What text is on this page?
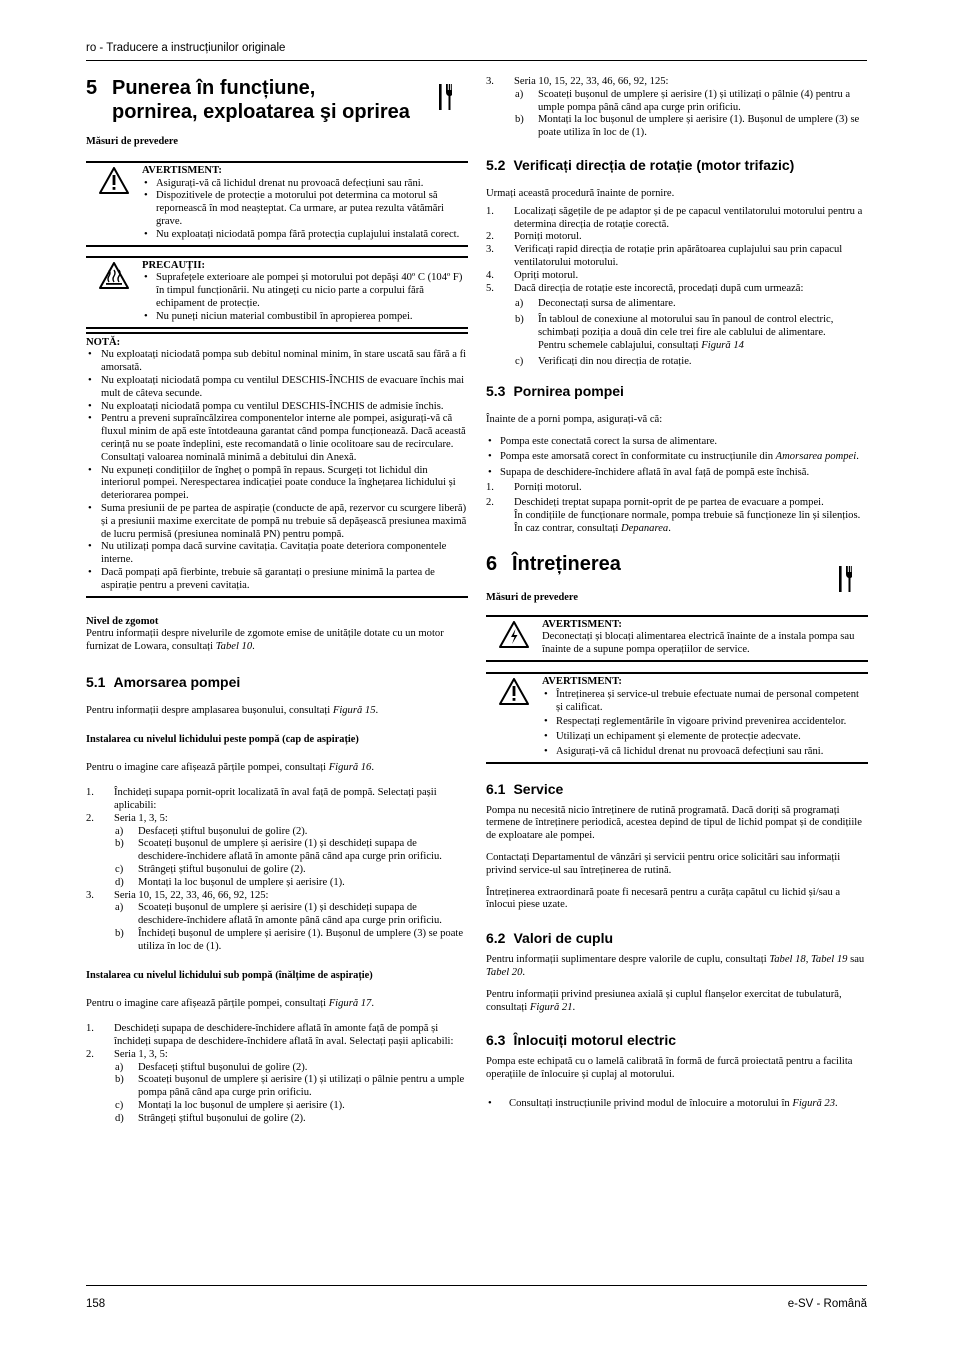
ro - Traducere a instrucțiunilor originale
158	e-SV - Română
5 Punerea în funcțiune,
pornirea, exploatarea şi oprirea
Măsuri de prevedere
AVERTISMENT:
• Asigurați-vă că lichidul drenat nu provoacă defecțiuni sau răni.
• Dispozitivele de protecție a motorului pot determina ca motorul să repornească în mod neașteptat. Ca urmare, ar putea rezulta vătămări grave.
• Nu exploatați niciodată pompa fără protecția cuplajului instalată corect.
PRECAUȚII:
• Suprafețele exterioare ale pompei și motorului pot depăși 40º C (104º F) în timpul funcționării. Nu atingeți cu nicio parte a corpului fără echipament de protecție.
• Nu puneți niciun material combustibil în apropierea pompei.
NOTĂ:
• Nu exploatați niciodată pompa sub debitul nominal minim, în stare uscată sau fără a fi amorsată.
• Nu exploatați niciodată pompa cu ventilul DESCHIS-ÎNCHIS de evacuare închis mai mult de câteva secunde.
• Nu exploatați niciodată pompa cu ventilul DESCHIS-ÎNCHIS de admisie închis.
• Pentru a preveni supraîncălzirea componentelor interne ale pompei, asigurați-vă că fluxul minim de apă este întotdeauna garantat când pompa funcționează. Dacă această cerință nu se poate îndeplini, este recomandată o linie ocolitoare sau de recirculare. Consultați valoarea nominală minimă a debitului din Anexă.
• Nu expuneți condițiilor de îngheț o pompă în repaus. Scurgeți tot lichidul din interiorul pompei. Nerespectarea indicației poate conduce la înghețarea lichidului și deteriorarea pompei.
• Suma presiunii de pe partea de aspirație (conducte de apă, rezervor cu scurgere liberă) și a presiunii maxime exercitate de pompă nu trebuie să depășească presiunea maximă de lucru permisă (presiunea nominală PN) pentru pompă.
• Nu utilizați pompa dacă survine cavitația. Cavitația poate deteriora componentele interne.
• Dacă pompați apă fierbinte, trebuie să garantați o presiune minimă la partea de aspirație pentru a preveni cavitația.
Nivel de zgomot

Pentru informații despre nivelurile de zgomote emise de unitățile dotate cu un motor furnizat de Lowara, consultați Tabel 10.

5.1 Amorsarea pompei

Pentru informații despre amplasarea bușonului, consultați Figură 15.

Instalarea cu nivelul lichidului peste pompă (cap de aspirație)

Pentru o imagine care afișează părțile pompei, consultați Figură 16.

1. Închideți supapa pornit-oprit localizată în aval față de pompă. Selectați pașii aplicabili:
2. Seria 1, 3, 5:
a) Desfaceți știftul bușonului de golire (2).
b) Scoateți bușonul de umplere și aerisire (1) și deschideți supapa de deschidere-închidere aflată în amonte până când apa curge prin orificiu.
c) Strângeți știftul bușonului de golire (2).
d) Montați la loc bușonul de umplere și aerisire (1).
3. Seria 10, 15, 22, 33, 46, 66, 92, 125:
a) Scoateți bușonul de umplere și aerisire (1) și deschideți supapa de deschidere-închidere aflată în amonte până când apa curge prin orificiu.
b) Închideți bușonul de umplere și aerisire (1). Bușonul de umplere (3) se poate utiliza în loc de (1).
Instalarea cu nivelul lichidului sub pompă (înălțime de aspirație)

Pentru o imagine care afișează părțile pompei, consultați Figură 17.

1. Deschideți supapa de deschidere-închidere aflată în amonte față de pompă și închideți supapa de deschidere-închidere aflată în aval. Selectați pașii aplicabili:
2. Seria 1, 3, 5:
a) Desfaceți știftul bușonului de golire (2).
b) Scoateți bușonul de umplere și aerisire (1) și utilizați o pâlnie pentru a umple pompa până când apa curge prin orificiu.
c) Montați la loc bușonul de umplere și aerisire (1).
d) Strângeți știftul bușonului de golire (2).
3. Seria 10, 15, 22, 33, 46, 66, 92, 125:
a) Scoateți bușonul de umplere și aerisire (1) și utilizați o pâlnie (4) pentru a umple pompa până când apa curge prin orificiu.
b) Montați la loc bușonul de umplere și aerisire (1). Bușonul de umplere (3) se poate utiliza în loc de (1).
5.2 Verificați direcția de rotație (motor trifazic)

Urmați această procedură înainte de pornire.

1. Localizați săgețile de pe adaptor și de pe capacul ventilatorului motorului pentru a determina direcția de rotație corectă.
2. Porniți motorul.
3. Verificați rapid direcția de rotație prin apărătoarea cuplajului sau prin capacul ventilatorului motorului.
4. Opriți motorul.
5. Dacă direcția de rotație este incorectă, procedați după cum urmează:
a) Deconectați sursa de alimentare.
b) În tabloul de conexiune al motorului sau în panoul de control electric, schimbați poziția a două din cele trei fire ale cablului de alimentare.
Pentru schemele cablajului, consultați Figură 14
c) Verificați din nou direcția de rotație.
5.3 Pornirea pompei

Înainte de a porni pompa, asigurați-vă că:

• Pompa este conectată corect la sursa de alimentare.
• Pompa este amorsată corect în conformitate cu instrucțiunile din Amorsarea pompei.
• Supapa de deschidere-închidere aflată în aval față de pompă este închisă.
1. Porniți motorul.
2. Deschideți treptat supapa pornit-oprit de pe partea de evacuare a pompei.
În condițiile de funcționare normale, pompa trebuie să funcționeze lin și silențios. În caz contrar, consultați Depanarea.
6 Întreținerea
Măsuri de prevedere
AVERTISMENT:

Deconectați și blocați alimentarea electrică înainte de a instala pompa sau înainte de a supune pompa operațiilor de service.

AVERTISMENT:
• Întreținerea și service-ul trebuie efectuate numai de personal competent și calificat.
• Respectați reglementările în vigoare privind prevenirea accidentelor.
• Utilizați un echipament și elemente de protecție adecvate.
• Asigurați-vă că lichidul drenat nu provoacă defecțiuni sau răni.
6.1 Service

Pompa nu necesită nicio întreținere de rutină programată. Dacă doriți să programați termene de întreținere periodică, acestea depind de tipul de lichid pompat și de condițiile de exploatare ale pompei.

Contactați Departamentul de vânzări și servicii pentru orice solicitări sau informații privind service-ul sau întreținerea de rutină.

Întreținerea extraordinară poate fi necesară pentru a curăța capătul cu lichid și/sau a înlocui piese uzate.

6.2 Valori de cuplu

Pentru informații suplimentare despre valorile de cuplu, consultați Tabel 18, Tabel 19 sau Tabel 20.

Pentru informații privind presiunea axială și cuplul flanșelor exercitat de tubulatură, consultați Figură 21.

6.3 Înlocuiți motorul electric

Pompa este echipată cu o lamelă calibrată în formă de furcă proiectată pentru a facilita operațiile de înlocuire și cuplaj al motorului.

• Consultați instrucțiunile privind modul de înlocuire a motorului în Figură 23.
